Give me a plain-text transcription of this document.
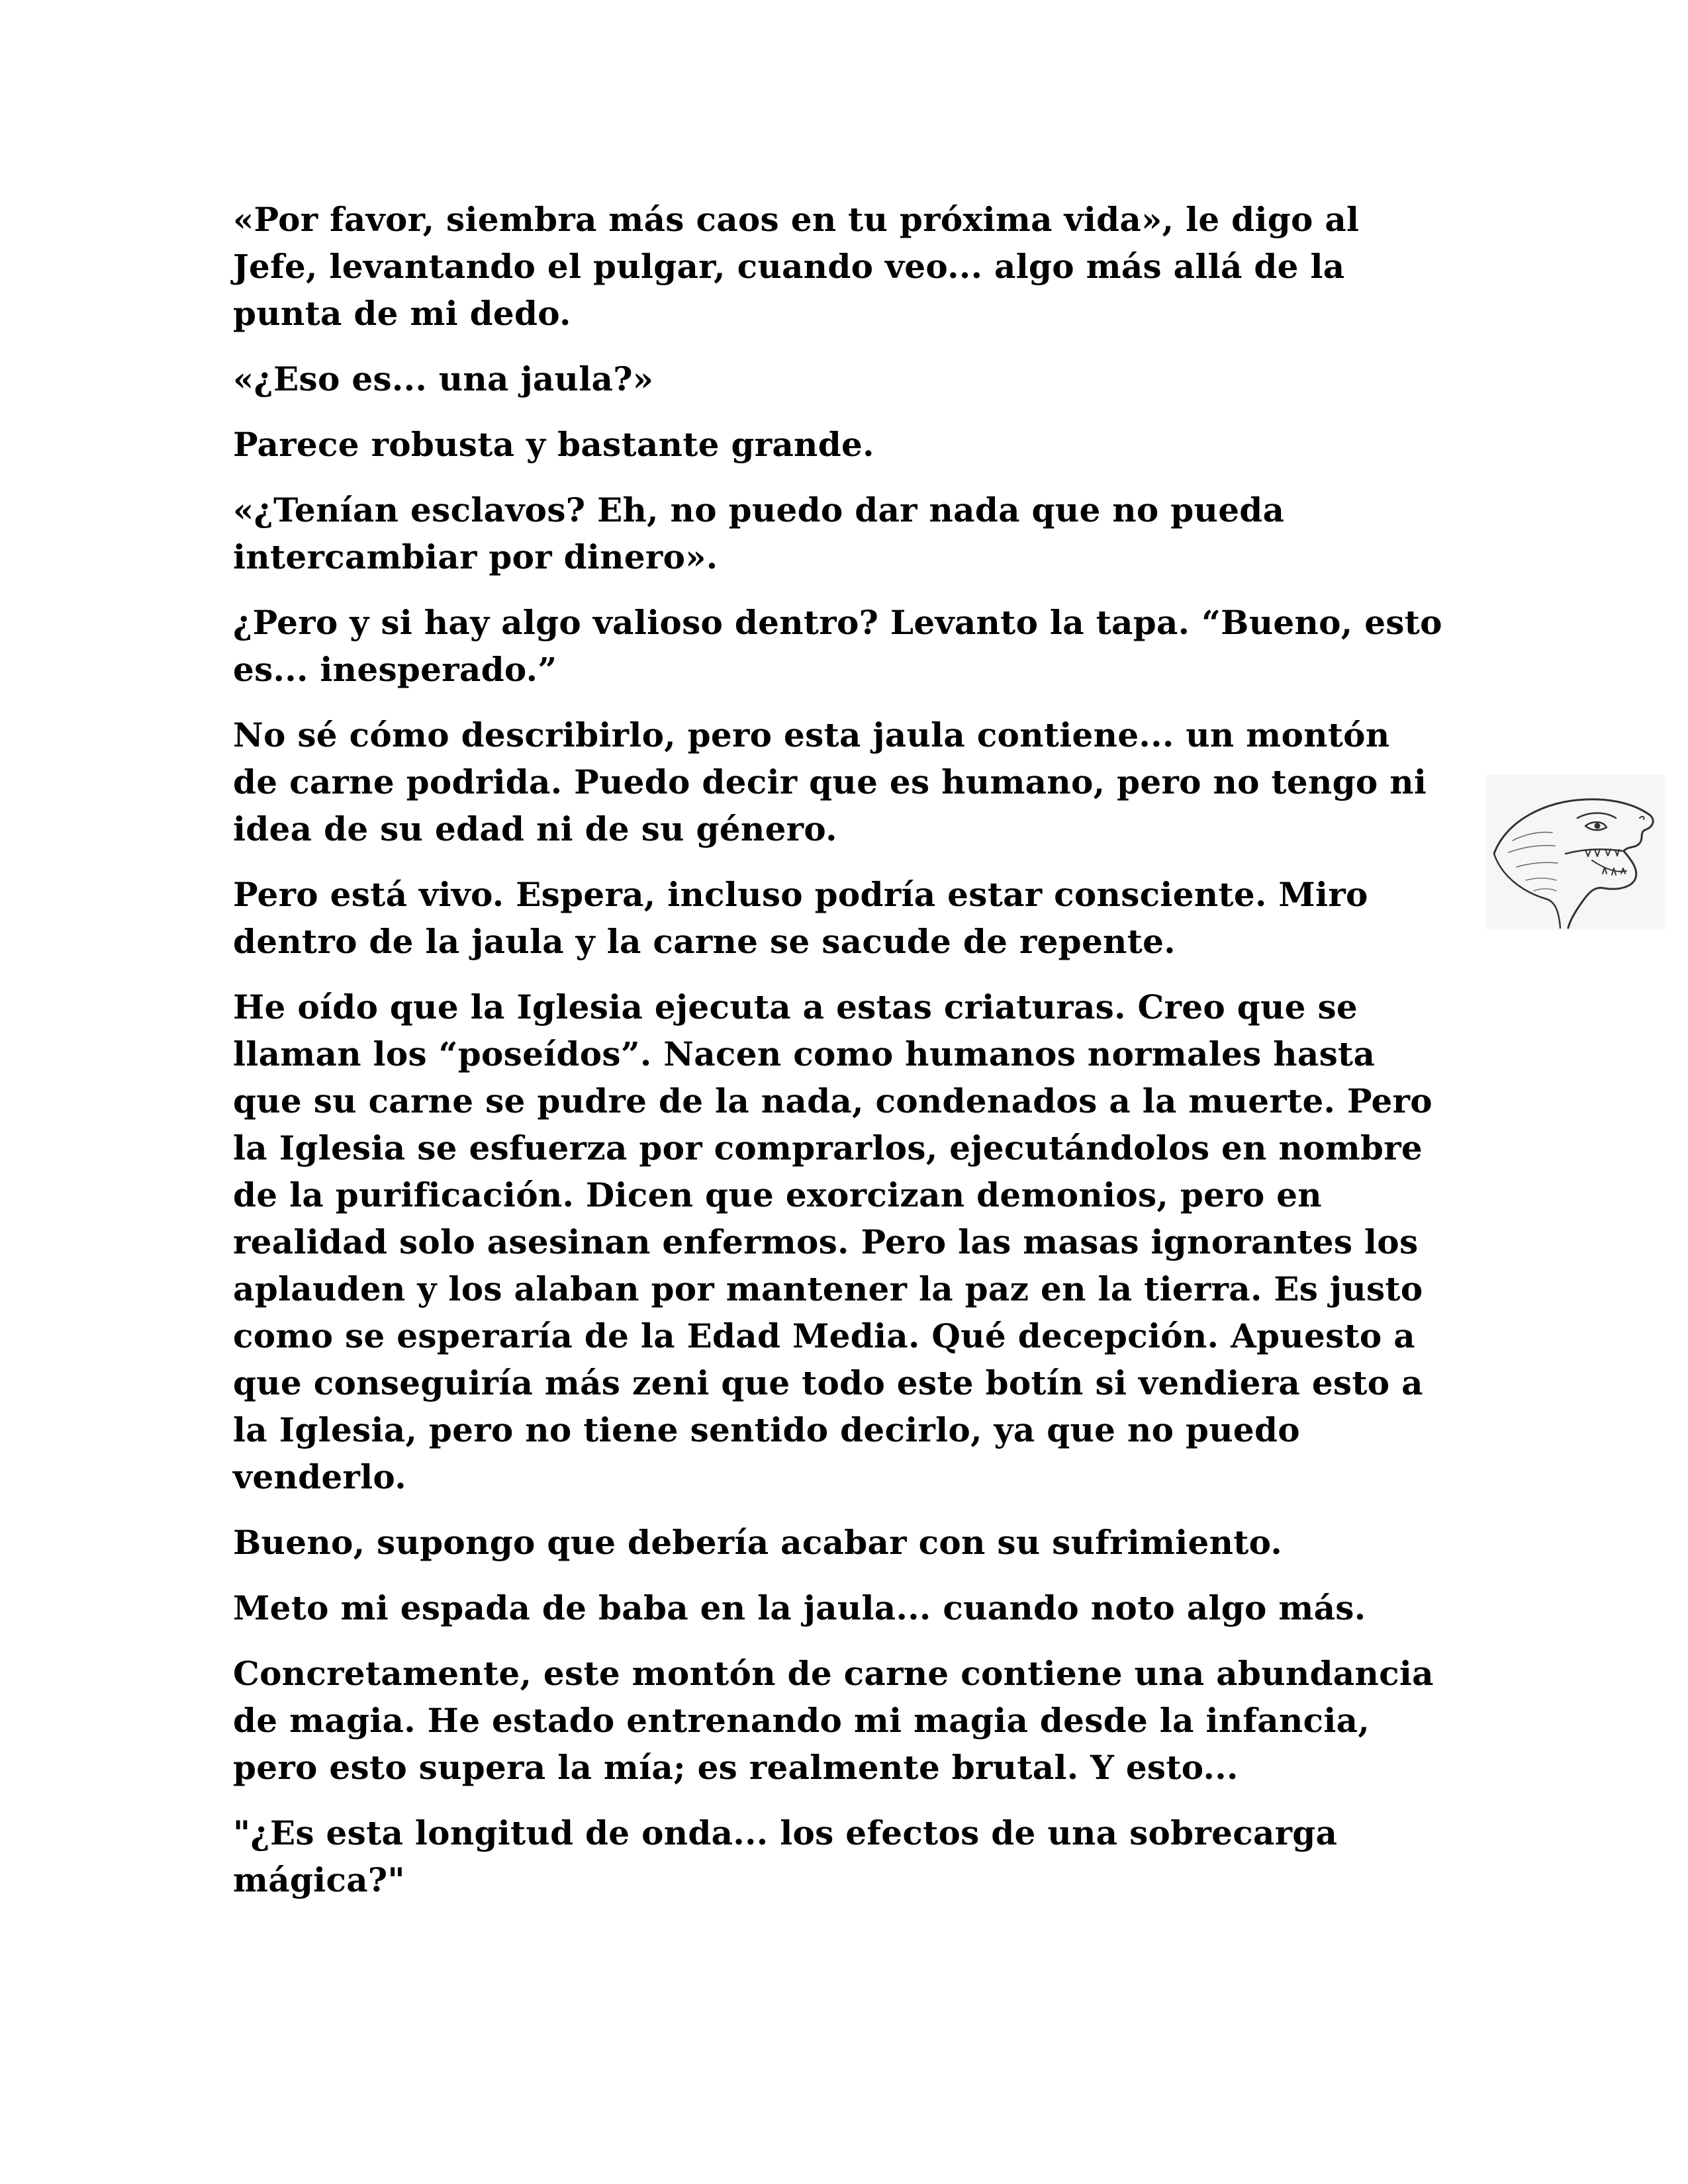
«Por favor, siembra más caos en tu próxima vida», le digo al Jefe, levantando el pulgar, cuando veo... algo más allá de la punta de mi dedo.

«¿Eso es... una jaula?»

Parece robusta y bastante grande.

«¿Tenían esclavos? Eh, no puedo dar nada que no pueda intercambiar por dinero».

¿Pero y si hay algo valioso dentro? Levanto la tapa. “Bueno, esto es... inesperado.”

No sé cómo describirlo, pero esta jaula contiene... un montón de carne podrida. Puedo decir que es humano, pero no tengo ni idea de su edad ni de su género.

Pero está vivo. Espera, incluso podría estar consciente. Miro dentro de la jaula y la carne se sacude de repente.

He oído que la Iglesia ejecuta a estas criaturas. Creo que se llaman los “poseídos”. Nacen como humanos normales hasta que su carne se pudre de la nada, condenados a la muerte. Pero la Iglesia se esfuerza por comprarlos, ejecutándolos en nombre de la purificación. Dicen que exorcizan demonios, pero en realidad solo asesinan enfermos. Pero las masas ignorantes los aplauden y los alaban por mantener la paz en la tierra. Es justo como se esperaría de la Edad Media. Qué decepción. Apuesto a que conseguiría más zeni que todo este botín si vendiera esto a la Iglesia, pero no tiene sentido decirlo, ya que no puedo venderlo.

Bueno, supongo que debería acabar con su sufrimiento.

Meto mi espada de baba en la jaula... cuando noto algo más.

Concretamente, este montón de carne contiene una abundancia de magia. He estado entrenando mi magia desde la infancia, pero esto supera la mía; es realmente brutal. Y esto...

"¿Es esta longitud de onda... los efectos de una sobrecarga mágica?"
